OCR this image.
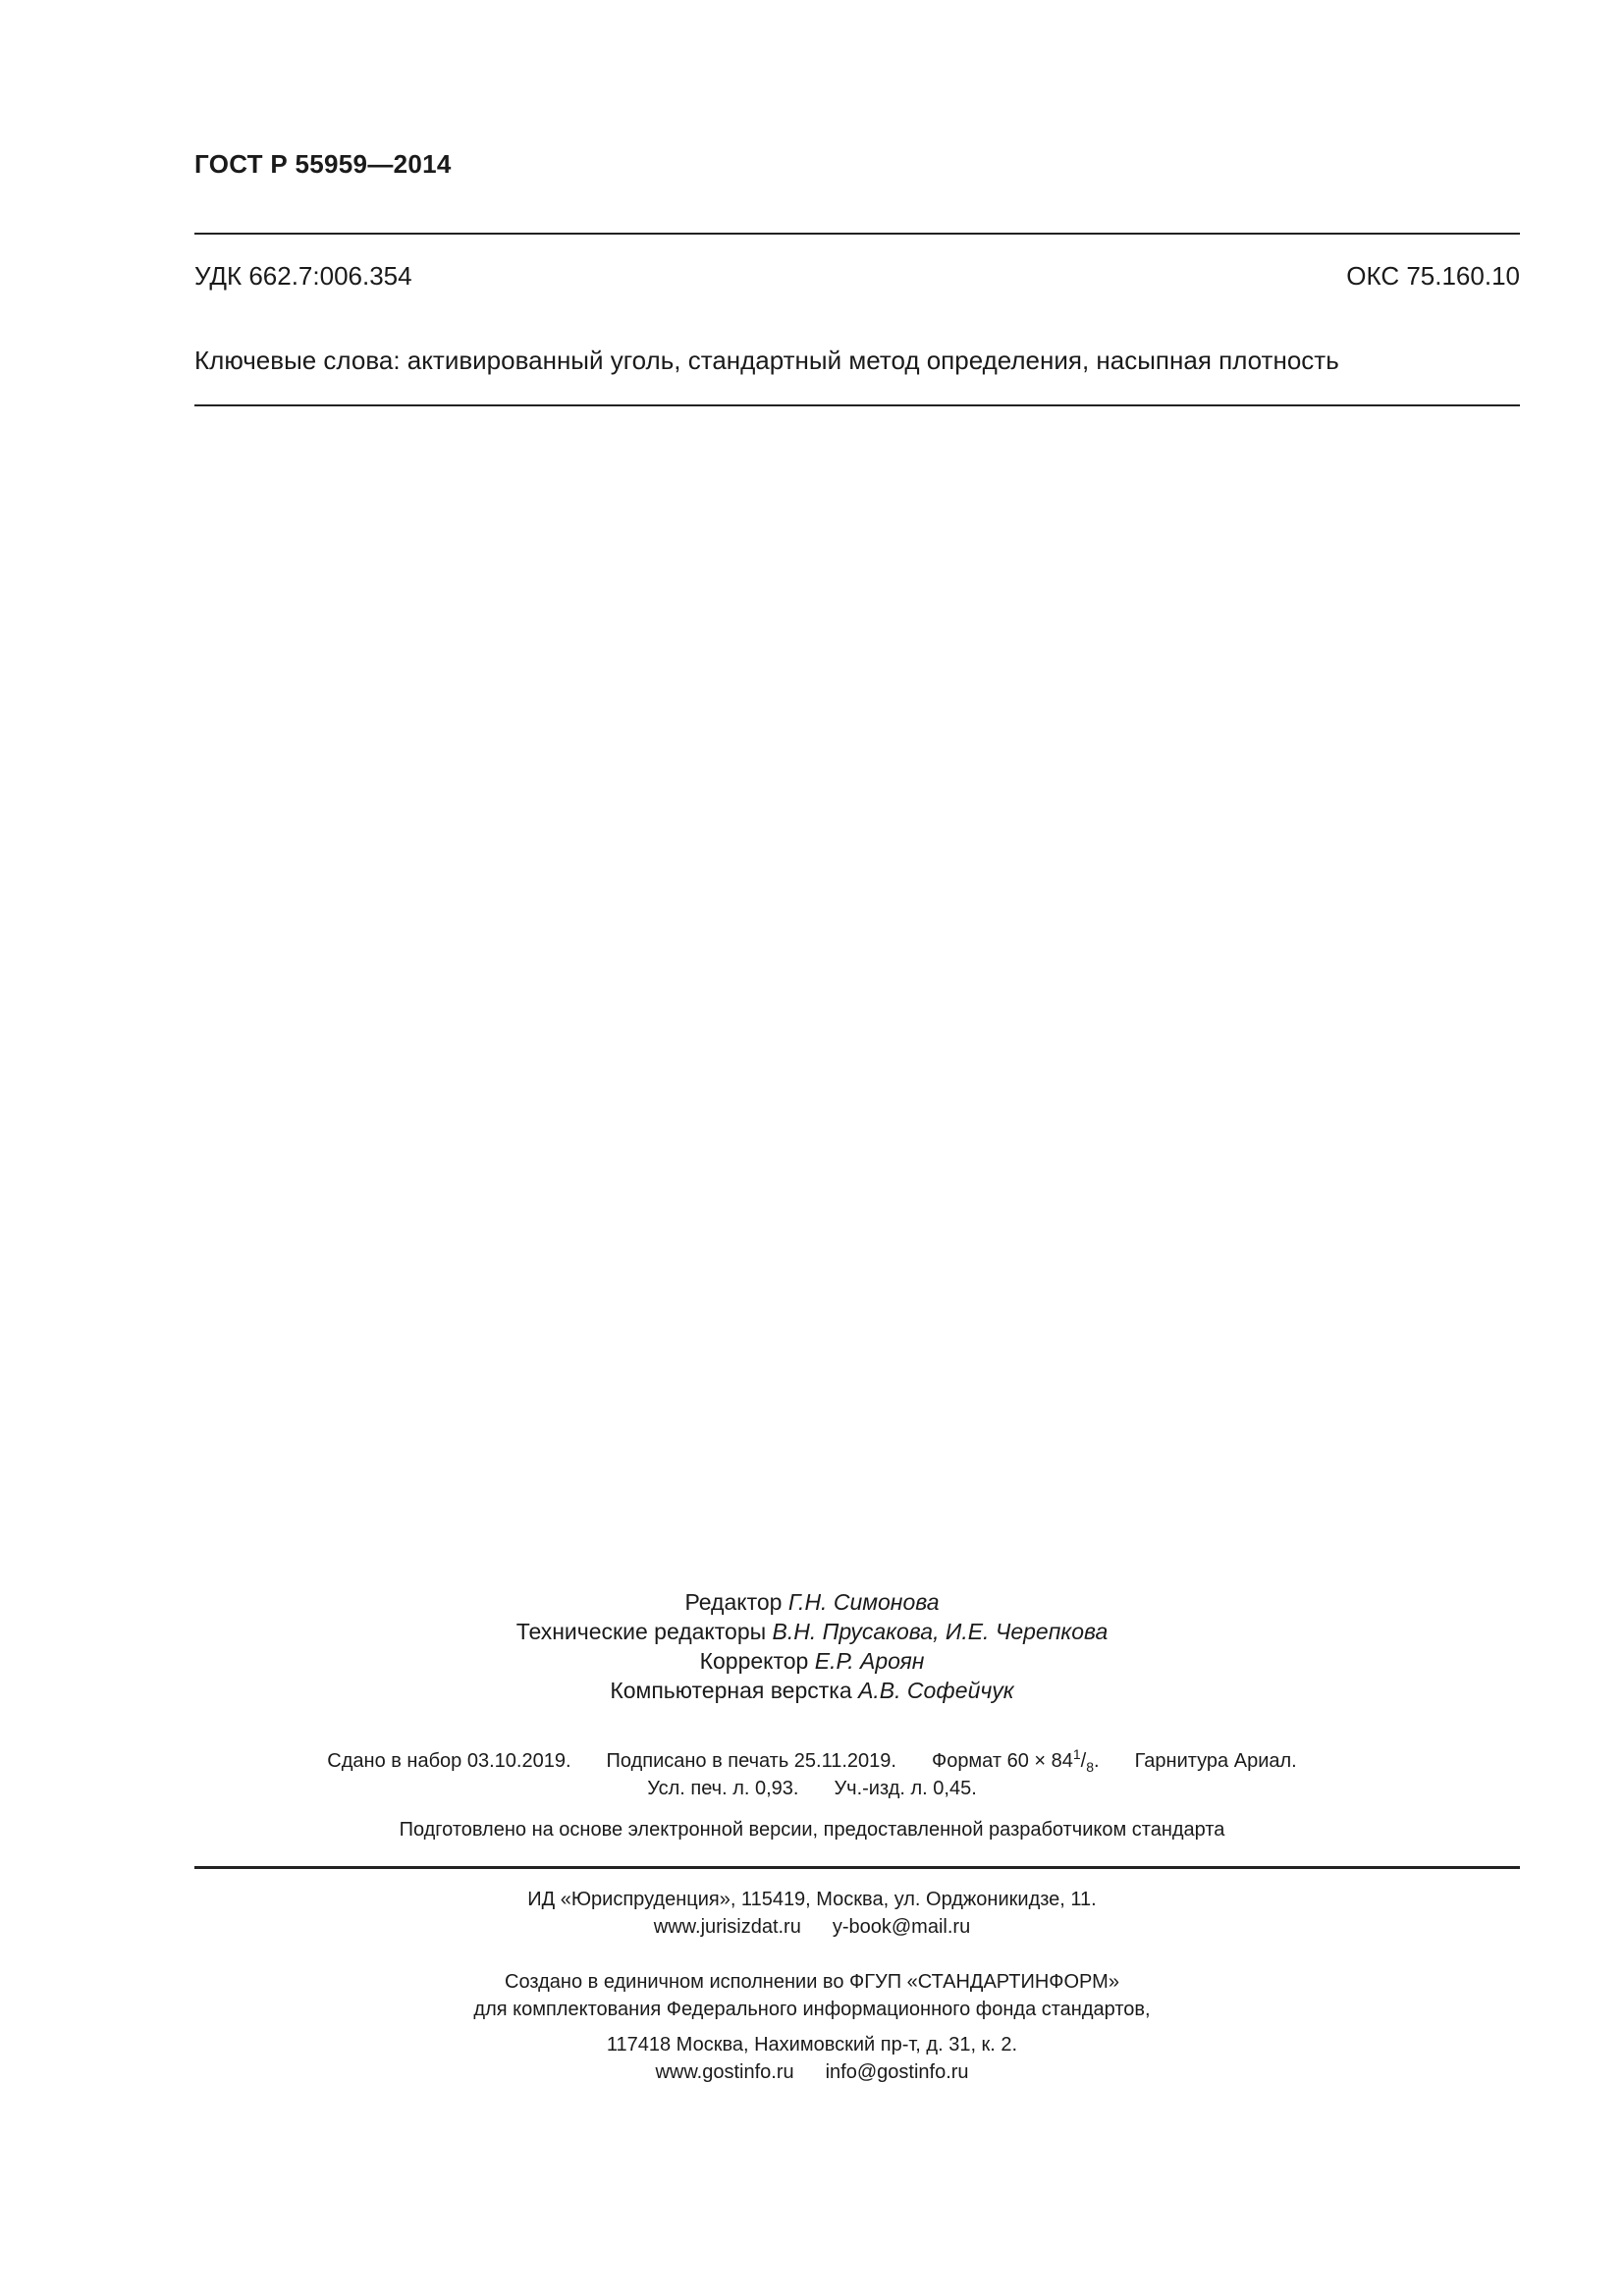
ГОСТ Р 55959—2014
УДК 662.7:006.354	ОКС 75.160.10
Ключевые слова: активированный уголь, стандартный метод определения, насыпная плотность
Редактор Г.Н. Симонова
Технические редакторы В.Н. Прусакова, И.Е. Черепкова
Корректор Е.Р. Ароян
Компьютерная верстка А.В. Софейчук
Сдано в набор 03.10.2019. Подписано в печать 25.11.2019. Формат $60 \times 84^1/_8$. Гарнитура Ариал.
Усл. печ. л. 0,93. Уч.-изд. л. 0,45.
Подготовлено на основе электронной версии, предоставленной разработчиком стандарта
ИД «Юриспруденция», 115419, Москва, ул. Орджоникидзе, 11.
www.jurisizdat.ru y-book@mail.ru
Создано в единичном исполнении во ФГУП «СТАНДАРТИНФОРМ»
для комплектования Федерального информационного фонда стандартов,
117418 Москва, Нахимовский пр-т, д. 31, к. 2.
www.gostinfo.ru info@gostinfo.ru
